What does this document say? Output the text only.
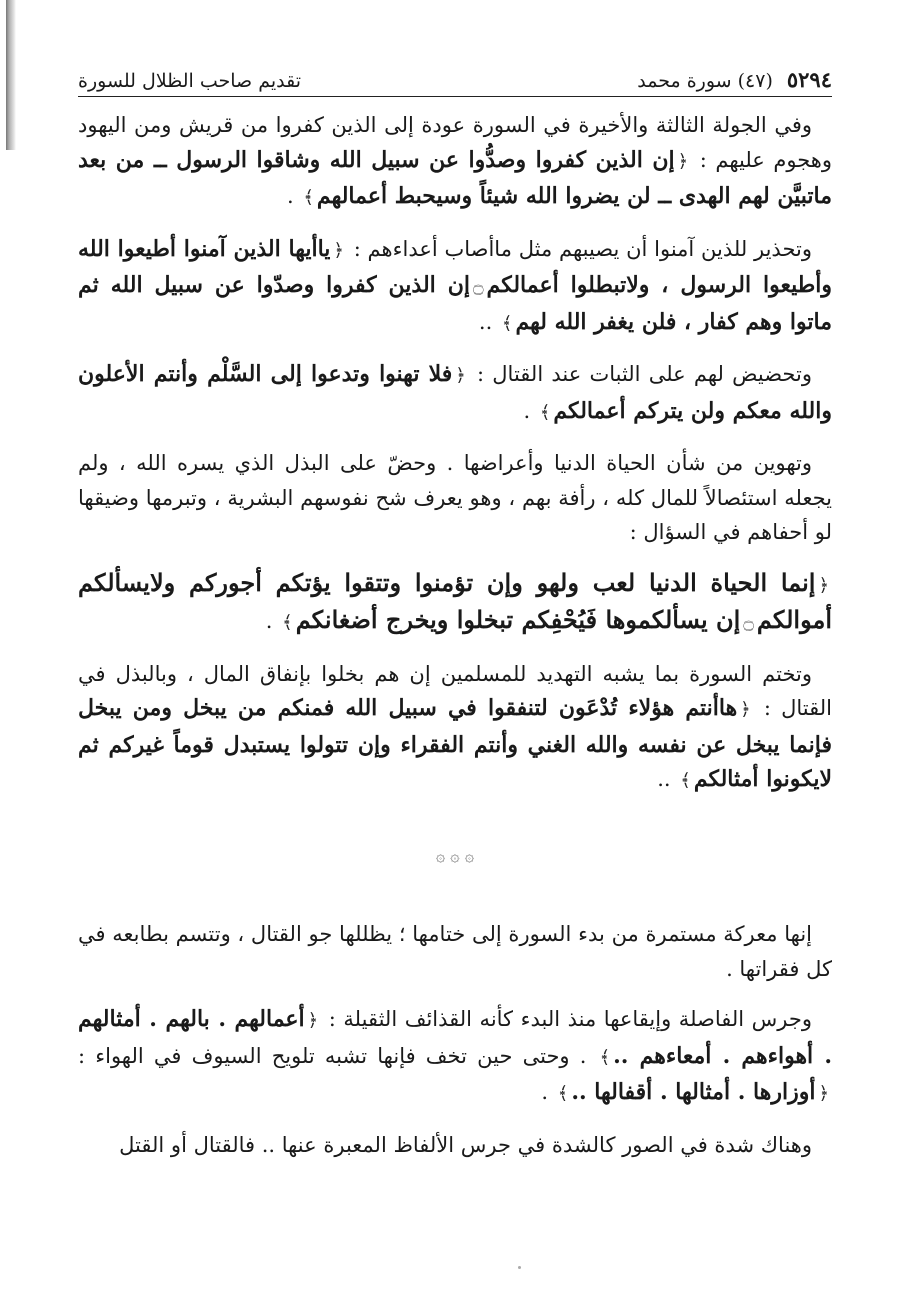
٥٢٩٤
(٤٧) سورة محمد
تقديم صاحب الظلال للسورة

وفي الجولة الثالثة والأخيرة في السورة عودة إلى الذين كفروا من قريش ومن اليهود وهجوم عليهم : ﴿إن الذين كفروا وصدُّوا عن سبيل الله وشاقوا الرسول ــ من بعد ماتبيَّن لهم الهدى ــ لن يضروا الله شيئاً وسيحبط أعمالهم﴾ .

وتحذير للذين آمنوا أن يصيبهم مثل ماأصاب أعداءهم : ﴿ياأيها الذين آمنوا أطيعوا الله وأطيعوا الرسول ، ولاتبطلوا أعمالكم۝إن الذين كفروا وصدّوا عن سبيل الله ثم ماتوا وهم كفار ، فلن يغفر الله لهم﴾ ..

وتحضيض لهم على الثبات عند القتال : ﴿فلا تهنوا وتدعوا إلى السَّلْم وأنتم الأعلون والله معكم ولن يتركم أعمالكم﴾ .

وتهوين من شأن الحياة الدنيا وأعراضها . وحضّ على البذل الذي يسره الله ، ولم يجعله استئصالاً للمال كله ، رأفة بهم ، وهو يعرف شح نفوسهم البشرية ، وتبرمها وضيقها لو أحفاهم في السؤال :

﴿إنما الحياة الدنيا لعب ولهو وإن تؤمنوا وتتقوا يؤتكم أجوركم ولايسألكم أموالكم۝إن يسألكموها فَيُحْفِكم تبخلوا ويخرج أضغانكم﴾ .

وتختم السورة بما يشبه التهديد للمسلمين إن هم بخلوا بإنفاق المال ، وبالبذل في القتال : ﴿هاأنتم هؤلاء تُدْعَون لتنفقوا في سبيل الله فمنكم من يبخل ومن يبخل فإنما يبخل عن نفسه والله الغني وأنتم الفقراء وإن تتولوا يستبدل قوماً غيركم ثم لايكونوا أمثالكم﴾ ..

۞ ۞ ۞

إنها معركة مستمرة من بدء السورة إلى ختامها ؛ يظللها جو القتال ، وتتسم بطابعه في كل فقراتها .

وجرس الفاصلة وإيقاعها منذ البدء كأنه القذائف الثقيلة : ﴿أعمالهم . بالهم . أمثالهم . أهواءهم . أمعاءهم ..﴾ . وحتى حين تخف فإنها تشبه تلويح السيوف في الهواء : ﴿أوزارها . أمثالها . أقفالها ..﴾ .

وهناك شدة في الصور كالشدة في جرس الألفاظ المعبرة عنها .. فالقتال أو القتل
